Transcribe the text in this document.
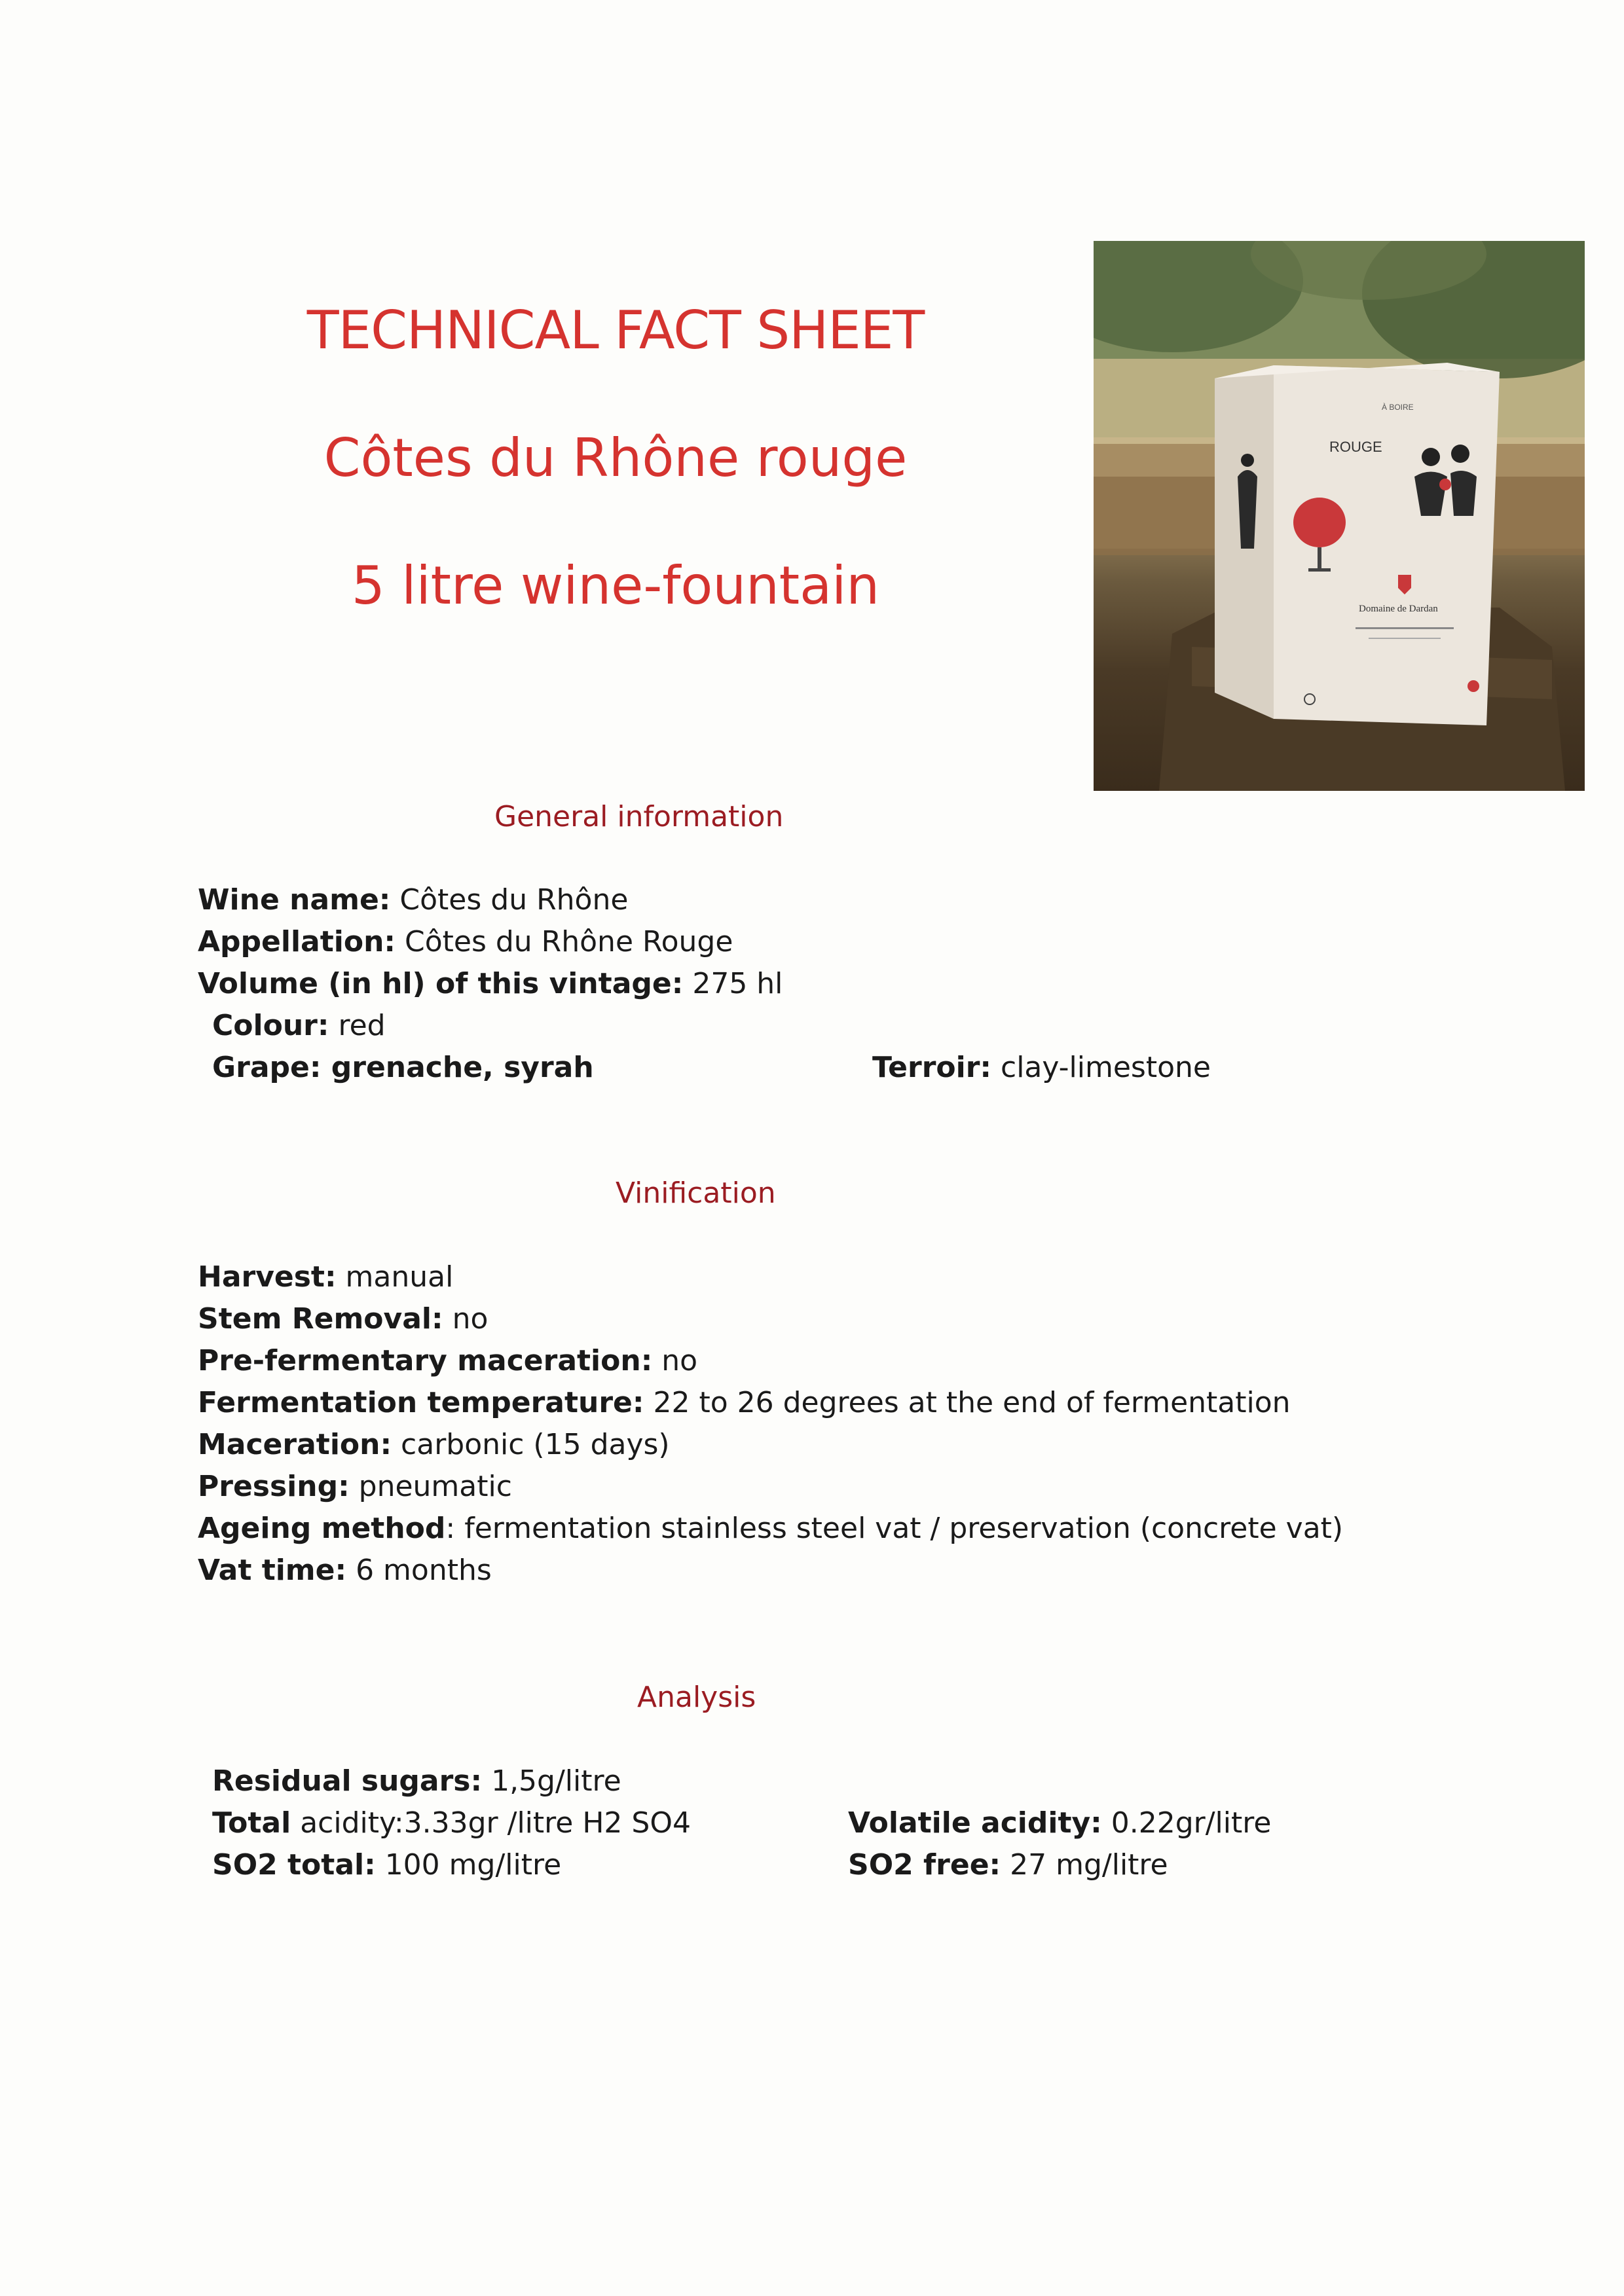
TECHNICAL FACT SHEET
Côtes du Rhône rouge
5 litre wine-fountain
ROUGE
À BOIRE
Domaine de Dardan
General information
Wine name: Côtes du Rhône
Appellation: Côtes du Rhône Rouge
Volume (in hl) of this vintage: 275 hl
Colour: red
Grape: grenache, syrah	Terroir: clay-limestone
Vinification
Harvest: manual
Stem Removal: no
Pre-fermentary maceration: no
Fermentation temperature: 22 to 26 degrees at the end of fermentation
Maceration: carbonic (15 days)
Pressing: pneumatic
Ageing method: fermentation stainless steel vat / preservation (concrete vat)
Vat time: 6 months
Analysis
Residual sugars: 1,5g/litre
Total acidity:3.33gr /litre H2 SO4
SO2 total: 100 mg/litre
Volatile acidity: 0.22gr/litre
SO2 free: 27 mg/litre
